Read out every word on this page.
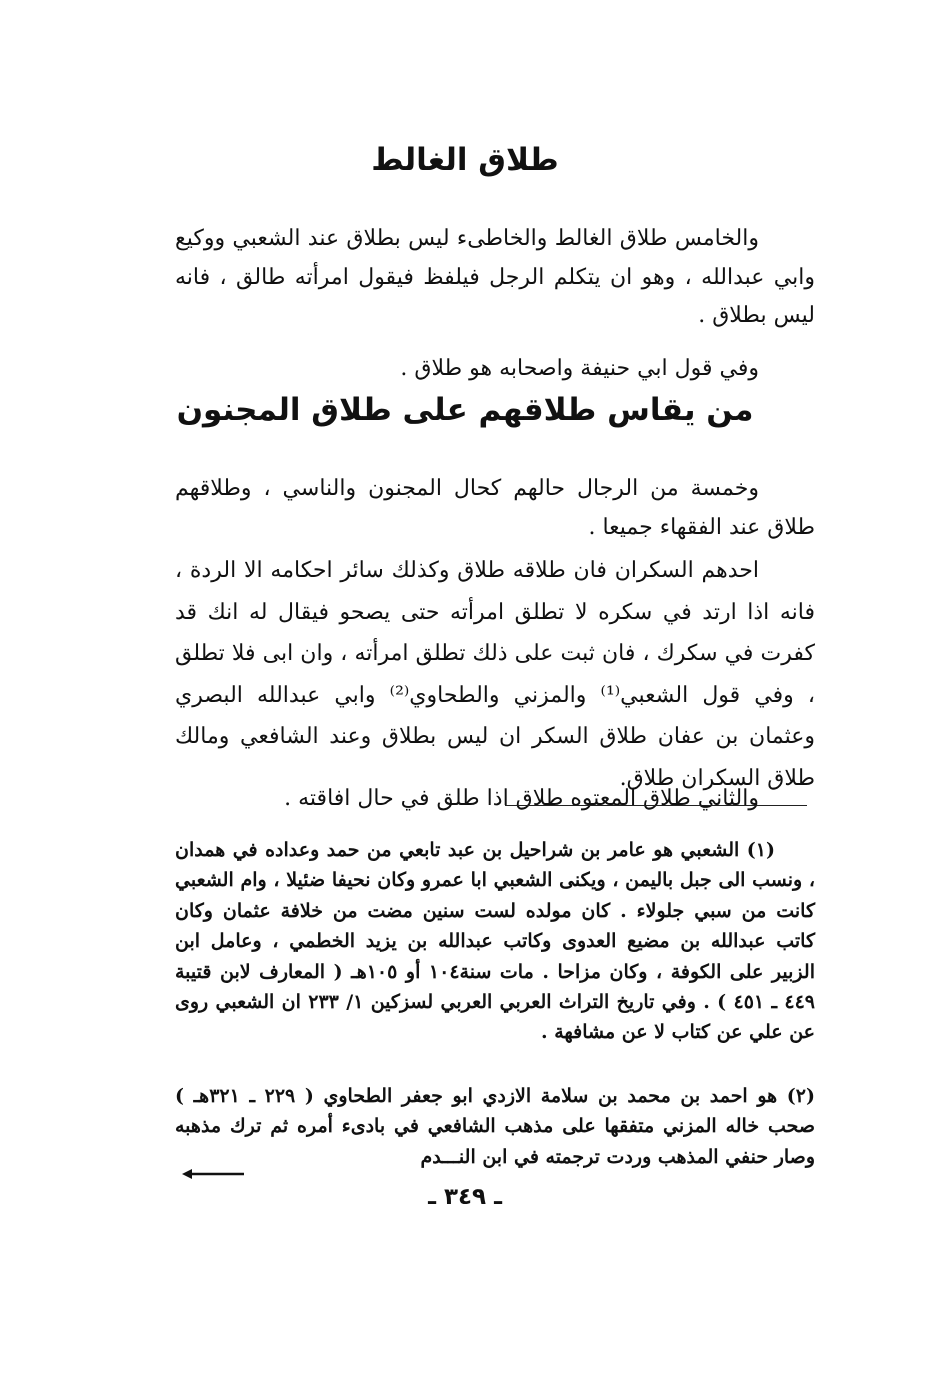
طلاق الغالط

والخامس طلاق الغالط والخاطىء ليس بطلاق عند الشعبي ووكيع وابي عبدالله ، وهو ان يتكلم الرجل فيلفظ فيقول امرأته طالق ، فانه ليس بطلاق .

وفي قول ابي حنيفة واصحابه هو طلاق .

من يقاس طلاقهم على طلاق المجنون

وخمسة من الرجال حالهم كحال المجنون والناسي ، وطلاقهم طلاق عند الفقهاء جميعا .

احدهم السكران فان طلاقه طلاق وكذلك سائر احكامه الا الردة ، فانه اذا ارتد في سكره لا تطلق امرأته حتى يصحو فيقال له انك قد كفرت في سكرك ، فان ثبت على ذلك تطلق امرأته ، وان ابى فلا تطلق ، وفي قول الشعبي⁽¹⁾ والمزني والطحاوي⁽²⁾ وابي عبدالله البصري وعثمان بن عفان طلاق السكر ان ليس بطلاق وعند الشافعي ومالك طلاق السكران طلاق.

والثاني طلاق المعتوه طلاق اذا طلق في حال افاقته .

(١) الشعبي هو عامر بن شراحيل بن عبد تابعي من حمد وعداده في همدان ، ونسب الى جبل باليمن ، ويكنى الشعبي ابا عمرو وكان نحيفا ضئيلا ، وام الشعبي كانت من سبي جلولاء . كان مولده لست سنين مضت من خلافة عثمان وكان كاتب عبدالله بن مضيع العدوى وكاتب عبدالله بن يزيد الخطمي ، وعامل ابن الزبير على الكوفة ، وكان مزاحا . مات سنة١٠٤ أو ١٠٥هـ ( المعارف لابن قتيبة ٤٤٩ ـ ٤٥١ ) . وفي تاريخ التراث العربي العربي لسزكين ١/ ٢٣٣ ان الشعبي روى عن علي عن كتاب لا عن مشافهة .

(٢) هو احمد بن محمد بن سلامة الازدي ابو جعفر الطحاوي ( ٢٢٩ ـ ٣٢١هـ ) صحب خاله المزني متفقها على مذهب الشافعي في بادىء أمره ثم ترك مذهبه وصار حنفي المذهب وردت ترجمته في ابن النـــدم

ـ ٣٤٩ ـ
